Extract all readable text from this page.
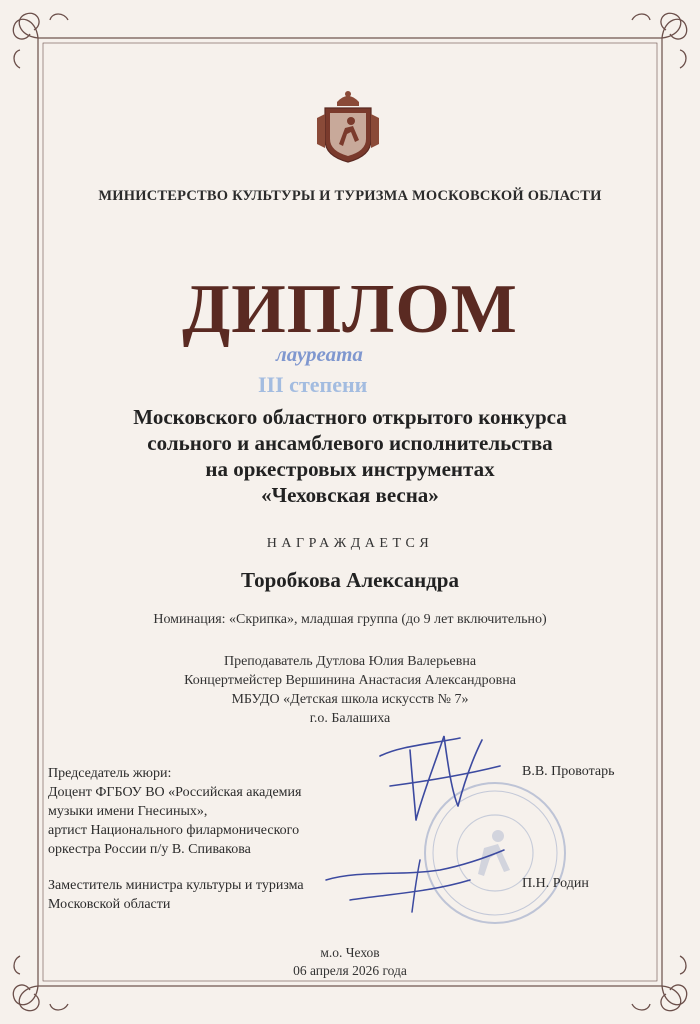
МИНИСТЕРСТВО КУЛЬТУРЫ И ТУРИЗМА МОСКОВСКОЙ ОБЛАСТИ
ДИПЛОМ
лауреата
III степени
Московского областного открытого конкурса
сольного и ансамблевого исполнительства
на оркестровых инструментах
«Чеховская весна»
НАГРАЖДАЕТСЯ
Торобкова Александра
Номинация: «Скрипка», младшая группа (до 9 лет включительно)
Преподаватель Дутлова Юлия Валерьевна
Концертмейстер Вершинина Анастасия Александровна
МБУДО «Детская школа искусств № 7»
г.о. Балашиха
Председатель жюри:
Доцент ФГБОУ ВО «Российская академия
музыки имени Гнесиных»,
артист Национального филармонического
оркестра России п/у В. Спивакова
В.В. Провотарь
Заместитель министра культуры и туризма
Московской области
П.Н. Родин
м.о. Чехов
06 апреля 2026 года
